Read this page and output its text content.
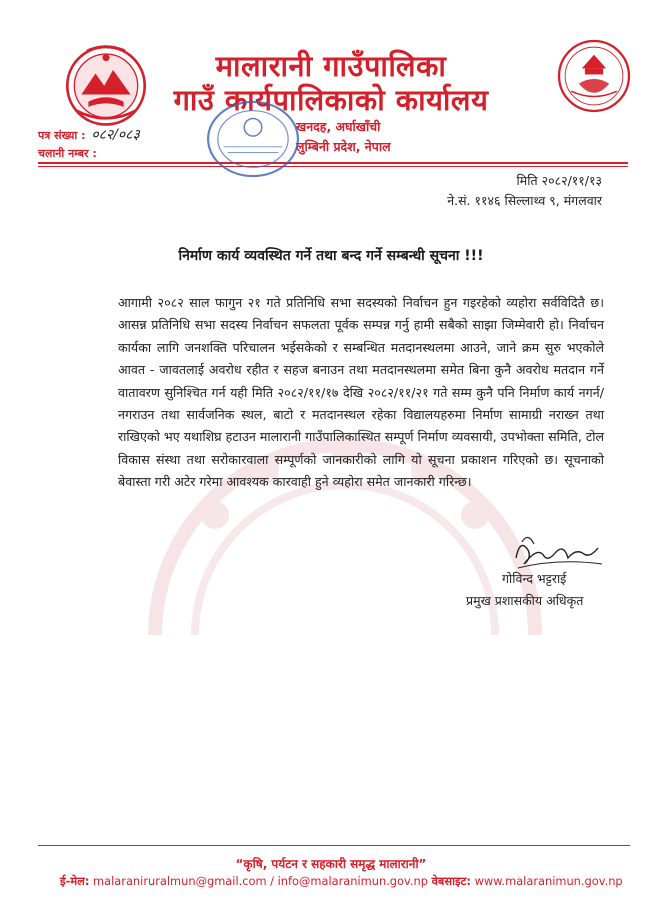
मालारानी गाउँपालिका
गाउँ कार्यपालिकाको कार्यालय
खनदह, अर्घाखाँची
लुम्बिनी प्रदेश, नेपाल
पत्र संख्या : ०८२/०८३
चलानी नम्बर :
मिति २०८२/११/१३
ने.सं. ११४६ सिल्लाथ्व ९, मंगलवार
निर्माण कार्य व्यवस्थित गर्ने तथा बन्द गर्ने सम्बन्धी सूचना !!!
आगामी २०८२ साल फागुन २१ गते प्रतिनिधि सभा सदस्यको निर्वाचन हुन गइरहेको व्यहोरा सर्वविदितै छ। आसन्न प्रतिनिधि सभा सदस्य निर्वाचन सफलता पूर्वक सम्पन्न गर्नु हामी सबैको साझा जिम्मेवारी हो। निर्वाचन कार्यका लागि जनशक्ति परिचालन भईसकेको र सम्बन्धित मतदानस्थलमा आउने, जाने क्रम सुरु भएकोले आवत - जावतलाई अवरोध रहीत र सहज बनाउन तथा मतदानस्थलमा समेत बिना कुनै अवरोध मतदान गर्ने वातावरण सुनिश्चित गर्न यही मिति २०८२/११/१७ देखि २०८२/११/२१ गते सम्म कुनै पनि निर्माण कार्य नगर्न/नगराउन तथा सार्वजनिक स्थल, बाटो र मतदानस्थल रहेका विद्यालयहरुमा निर्माण सामाग्री नराख्न तथा राखिएको भए यथाशिघ्र हटाउन मालारानी गाउँपालिकास्थित सम्पूर्ण निर्माण व्यवसायी, उपभोक्ता समिति, टोल विकास संस्था तथा सरोकारवाला सम्पूर्णको जानकारीको लागि यो सूचना प्रकाशन गरिएको छ। सूचनाको बेवास्ता गरी अटेर गरेमा आवश्यक कारवाही हुने व्यहोरा समेत जानकारी गरिन्छ।
गोविन्द भट्टराई
प्रमुख प्रशासकीय अधिकृत
“कृषि, पर्यटन र सहकारी समृद्ध मालारानी”
ई-मेल: malaraniruralmun@gmail.com / info@malaranimun.gov.np वेबसाइट: www.malaranimun.gov.np
